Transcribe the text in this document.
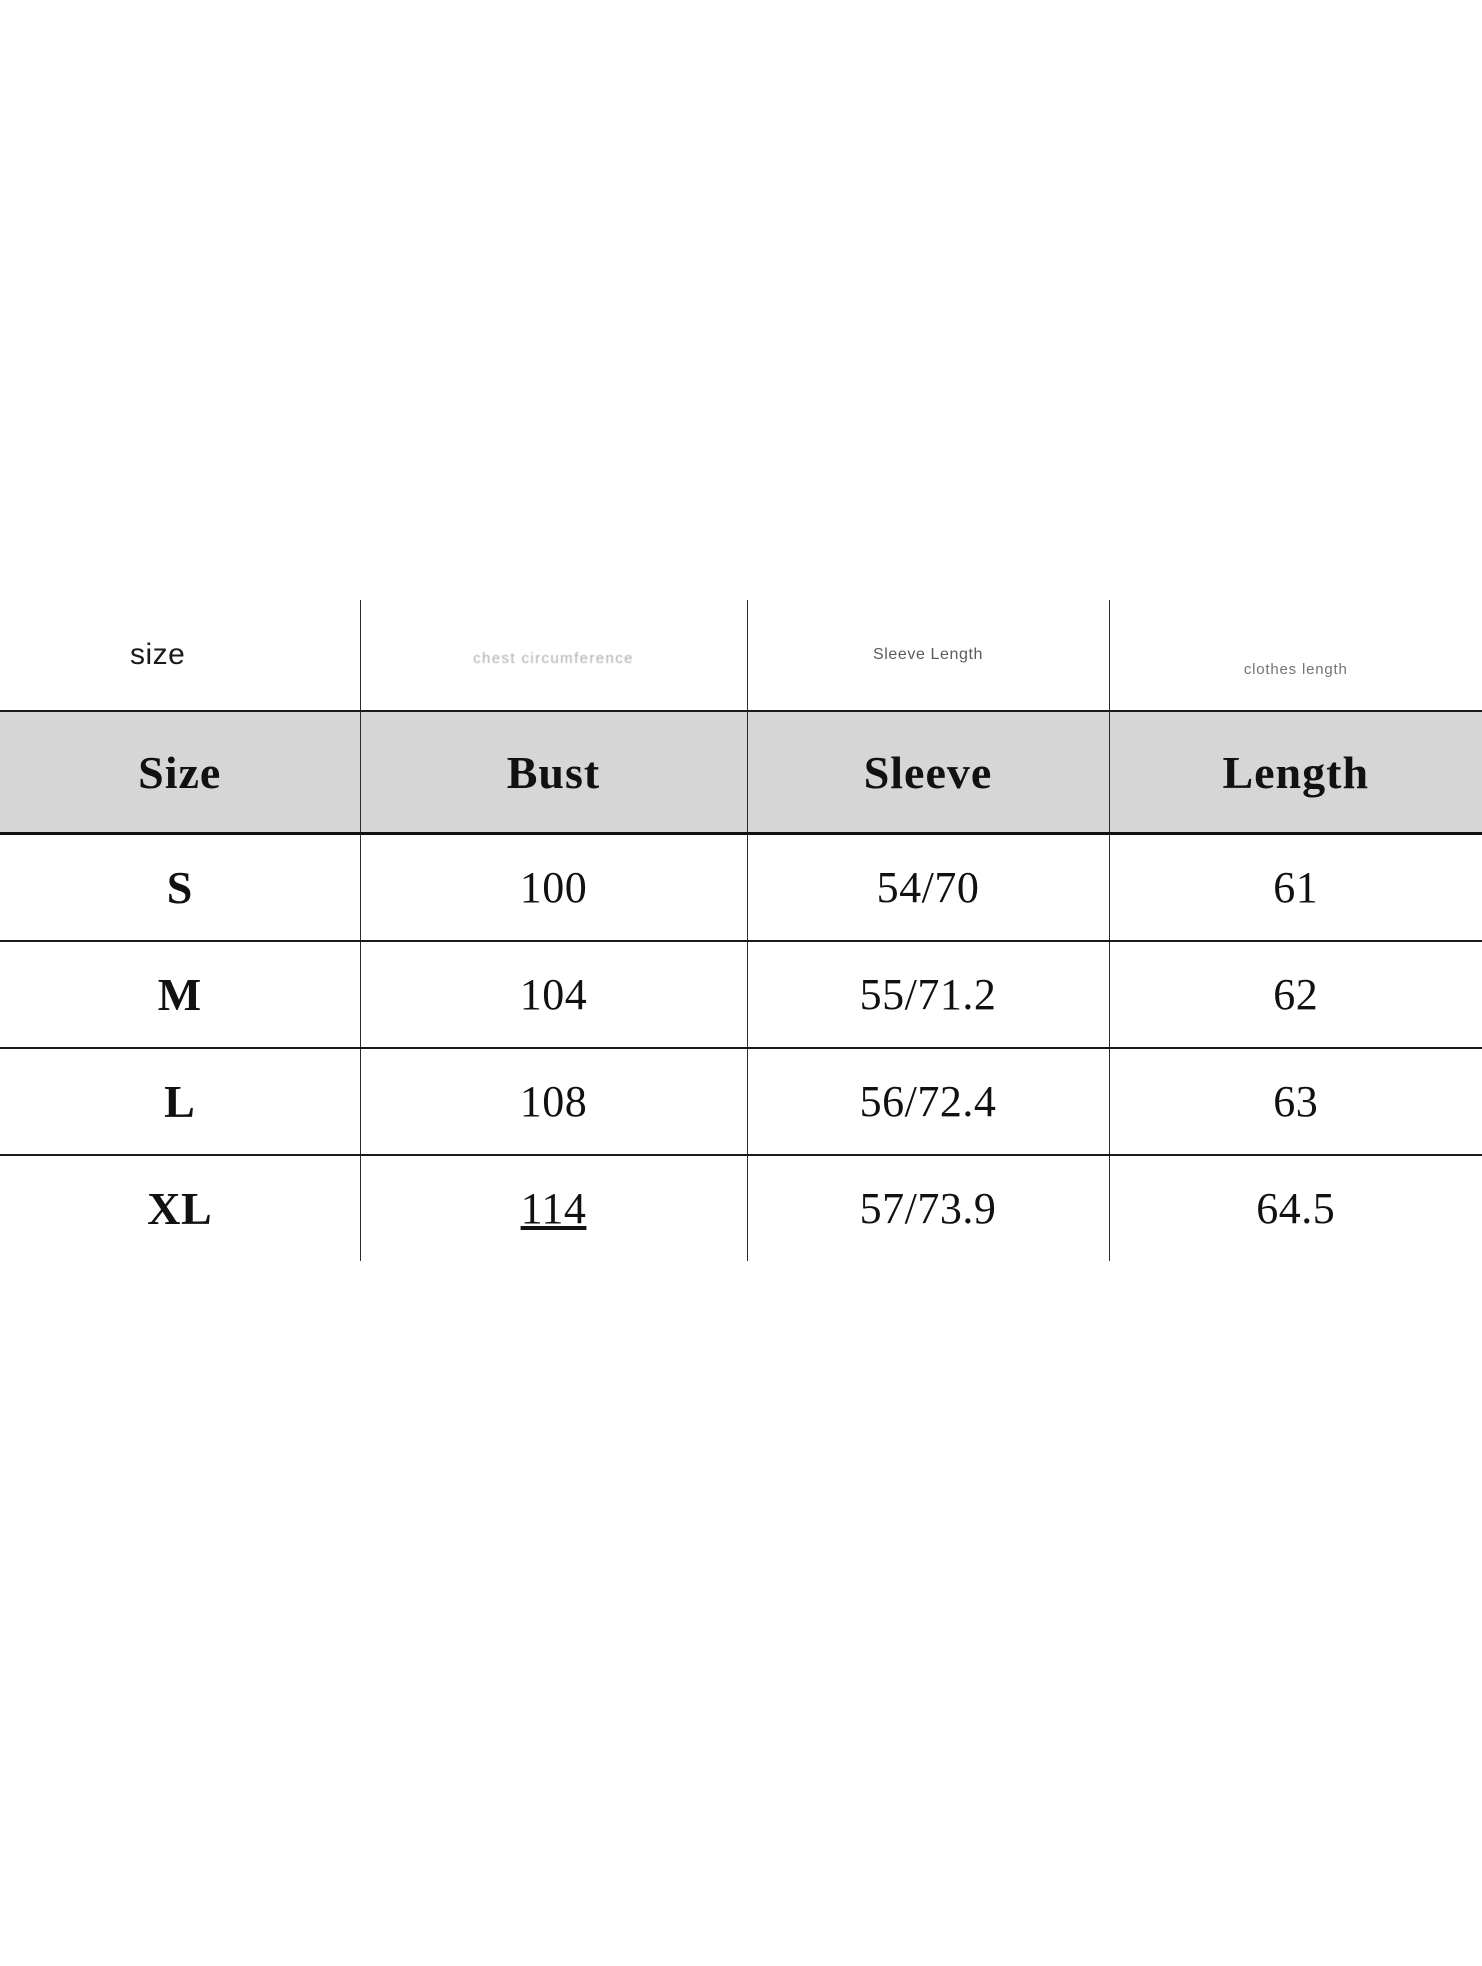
size	chest circumference	Sleeve Length	clothes length

Size	Bust	Sleeve	Length
S	100	54/70	61
M	104	55/71.2	62
L	108	56/72.4	63
XL	114	57/73.9	64.5
